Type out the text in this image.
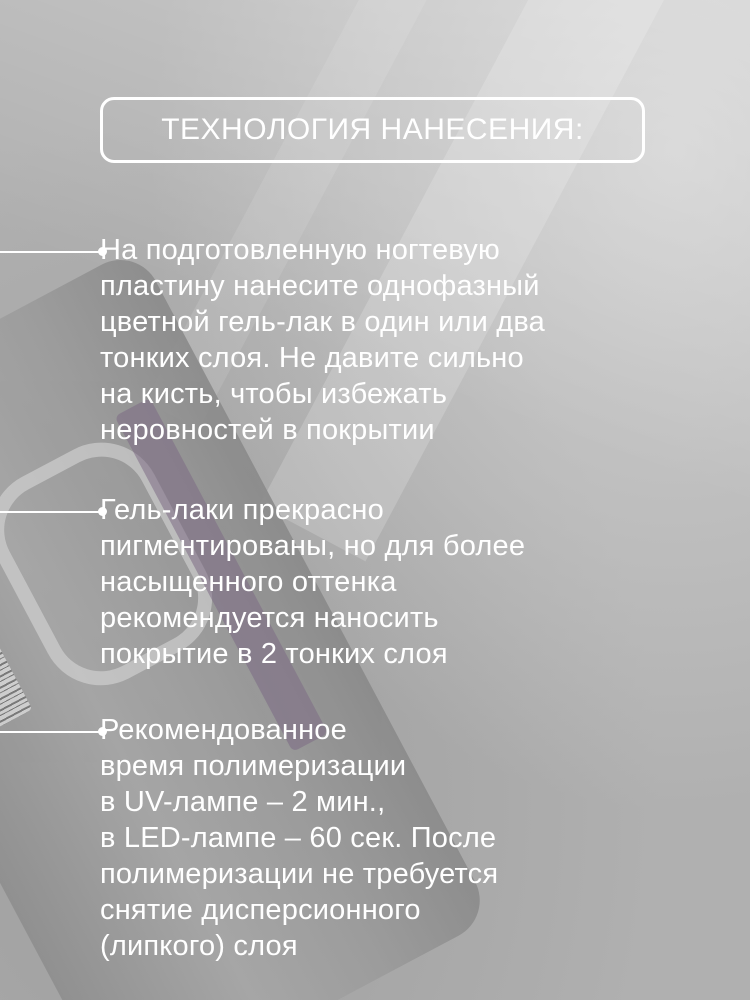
ТЕХНОЛОГИЯ НАНЕСЕНИЯ:
На подготовленную ногтевую
пластину нанесите однофазный
цветной гель-лак в один или два
тонких слоя. Не давите сильно
на кисть, чтобы избежать
неровностей в покрытии
Гель-лаки прекрасно
пигментированы, но для более
насыщенного оттенка
рекомендуется наносить
покрытие в 2 тонких слоя
Рекомендованное
время полимеризации
в UV-лампе – 2 мин.,
в LED-лампе – 60 сек. После
полимеризации не требуется
снятие дисперсионного
(липкого) слоя
